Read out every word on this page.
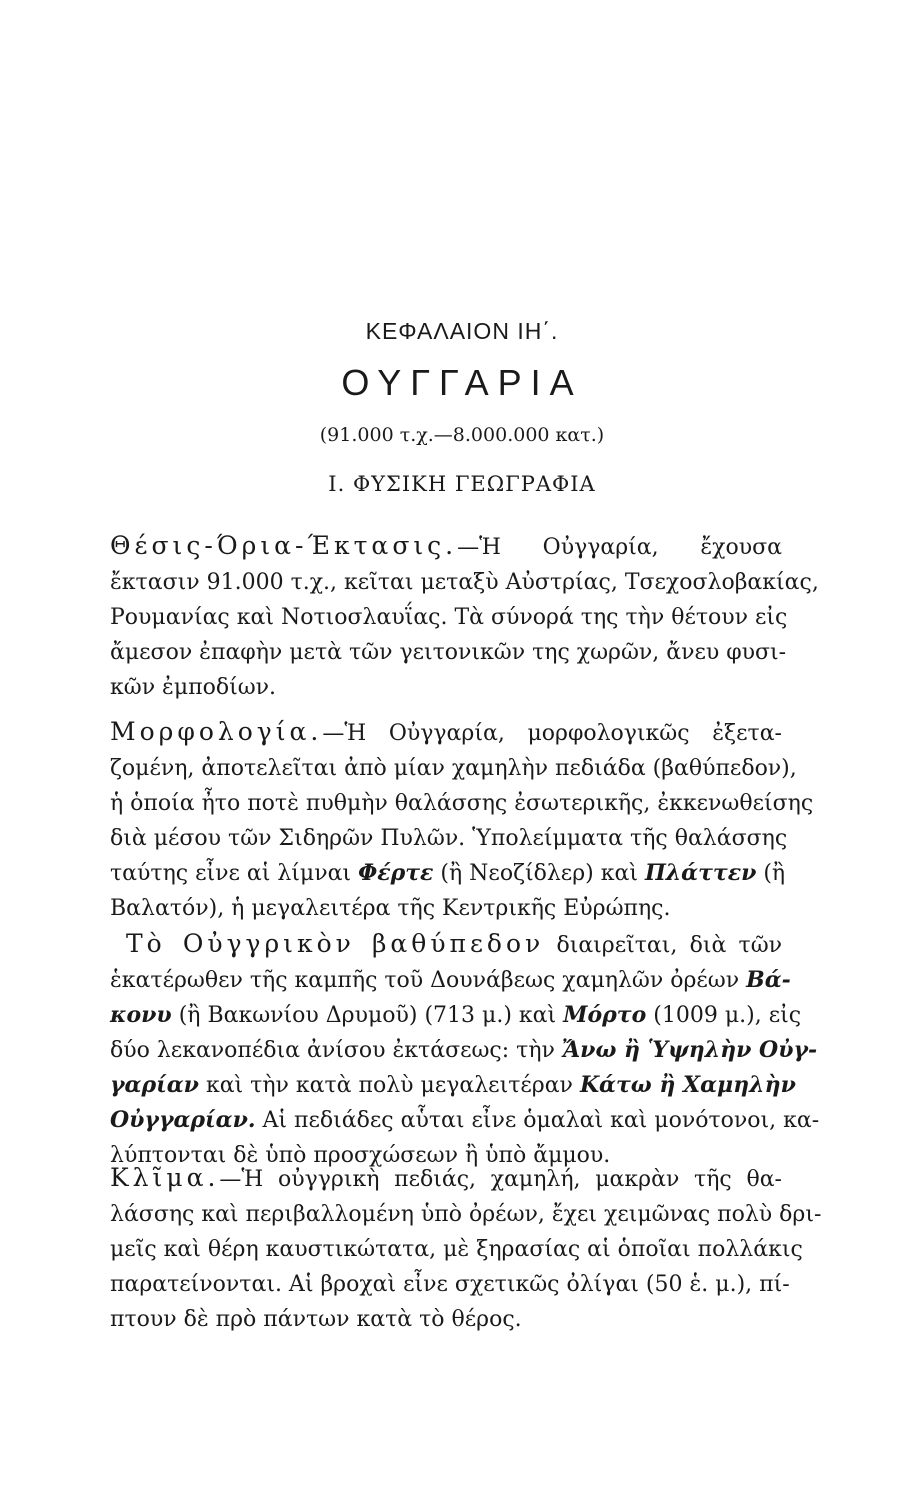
ΚΕΦΑΛΑΙΟΝ ΙΗ΄.
ΟΥΓΓΑΡΙΑ
(91.000 τ.χ.—8.000.000 κατ.)
Ι. ΦΥΣΙΚΗ ΓΕΩΓΡΑΦΙΑ
Θέσις-Όρια-Έκτασις.—Ἡ Οὐγγαρία, ἔχουσα
ἔκτασιν 91.000 τ.χ., κεῖται μεταξὺ Αὐστρίας, Τσεχοσλοβακίας,
Ρουμανίας καὶ Νοτιοσλαυΐας. Τὰ σύνορά της τὴν θέτουν εἰς
ἄμεσον ἐπαφὴν μετὰ τῶν γειτονικῶν της χωρῶν, ἄνευ φυσι-
κῶν ἐμποδίων.
Μορφολογία.—Ἡ Οὐγγαρία, μορφολογικῶς ἐξετα-
ζομένη, ἀποτελεῖται ἀπὸ μίαν χαμηλὴν πεδιάδα (βαθύπεδον),
ἡ ὁποία ἦτο ποτὲ πυθμὴν θαλάσσης ἐσωτερικῆς, ἐκκενωθείσης
διὰ μέσου τῶν Σιδηρῶν Πυλῶν. Ὑπολείμματα τῆς θαλάσσης
ταύτης εἶνε αἱ λίμναι Φέρτε (ἢ Νεοζίδλερ) καὶ Πλάττεν (ἢ
Βαλατόν), ἡ μεγαλειτέρα τῆς Κεντρικῆς Εὐρώπης.
Τὸ Οὐγγρικὸν βαθύπεδον διαιρεῖται, διὰ τῶν
ἑκατέρωθεν τῆς καμπῆς τοῦ Δουνάβεως χαμηλῶν ὀρέων Βά-
κονυ (ἢ Βακωνίου Δρυμοῦ) (713 μ.) καὶ Μόρτο (1009 μ.), εἰς
δύο λεκανοπέδια ἀνίσου ἐκτάσεως: τὴν Ἄνω ἢ Ὑψηλὴν Οὐγ-
γαρίαν καὶ τὴν κατὰ πολὺ μεγαλειτέραν Κάτω ἢ Χαμηλὴν
Οὐγγαρίαν. Αἱ πεδιάδες αὗται εἶνε ὁμαλαὶ καὶ μονότονοι, κα-
λύπτονται δὲ ὑπὸ προσχώσεων ἢ ὑπὸ ἄμμου.
Κλῖμα.—Ἡ οὐγγρικὴ πεδιάς, χαμηλή, μακρὰν τῆς θα-
λάσσης καὶ περιβαλλομένη ὑπὸ ὀρέων, ἔχει χειμῶνας πολὺ δρι-
μεῖς καὶ θέρη καυστικώτατα, μὲ ξηρασίας αἱ ὁποῖαι πολλάκις
παρατείνονται. Αἱ βροχαὶ εἶνε σχετικῶς ὀλίγαι (50 ἑ. μ.), πί-
πτουν δὲ πρὸ πάντων κατὰ τὸ θέρος.
